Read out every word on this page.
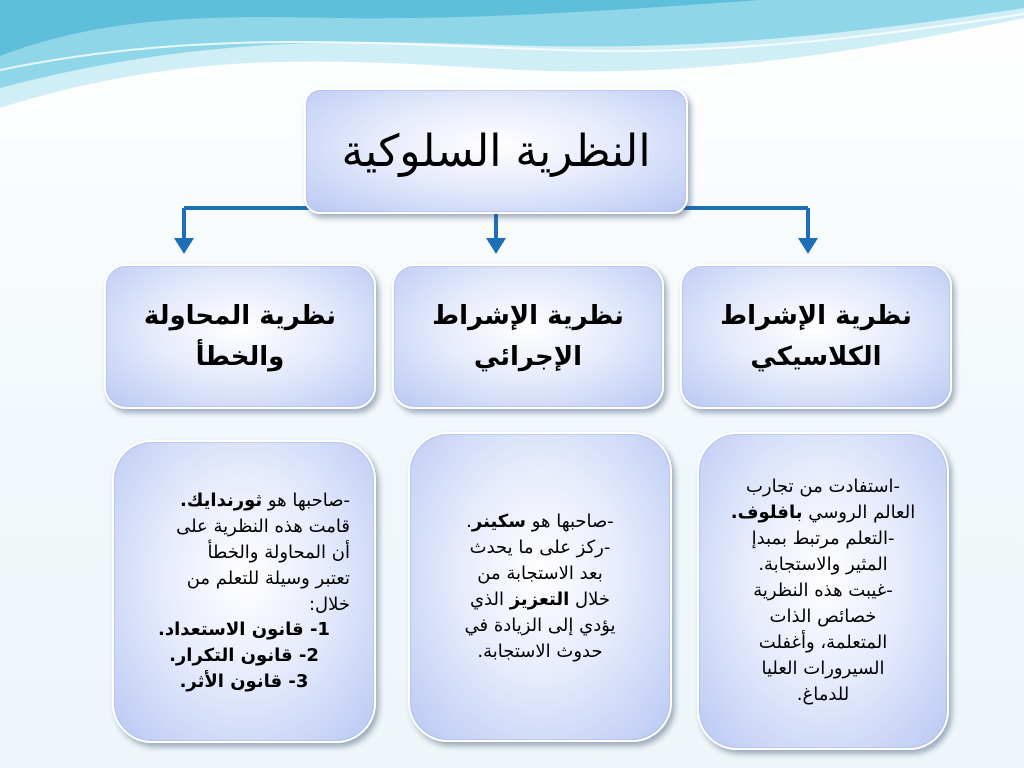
النظرية السلوكية
نظرية الإشراط
الكلاسيكي
نظرية الإشراط
الإجرائي
نظرية المحاولة
والخطأ
-استفادت من تجارب
العالم الروسي بافلوف.
-التعلم مرتبط بمبدإ
المثير والاستجابة.
-غيبت هذه النظرية
خصائص الذات
المتعلمة، وأغفلت
السيرورات العليا
للدماغ.
-صاحبها هو سكينر.
-ركز على ما يحدث
بعد الاستجابة من
خلال التعزيز الذي
يؤدي إلى الزيادة في
حدوث الاستجابة.
-صاحبها هو ثورندايك.
قامت هذه النظرية على
أن المحاولة والخطأ
تعتبر وسيلة للتعلم من
خلال:
1- قانون الاستعداد.
2- قانون التكرار.
3- قانون الأثر.
